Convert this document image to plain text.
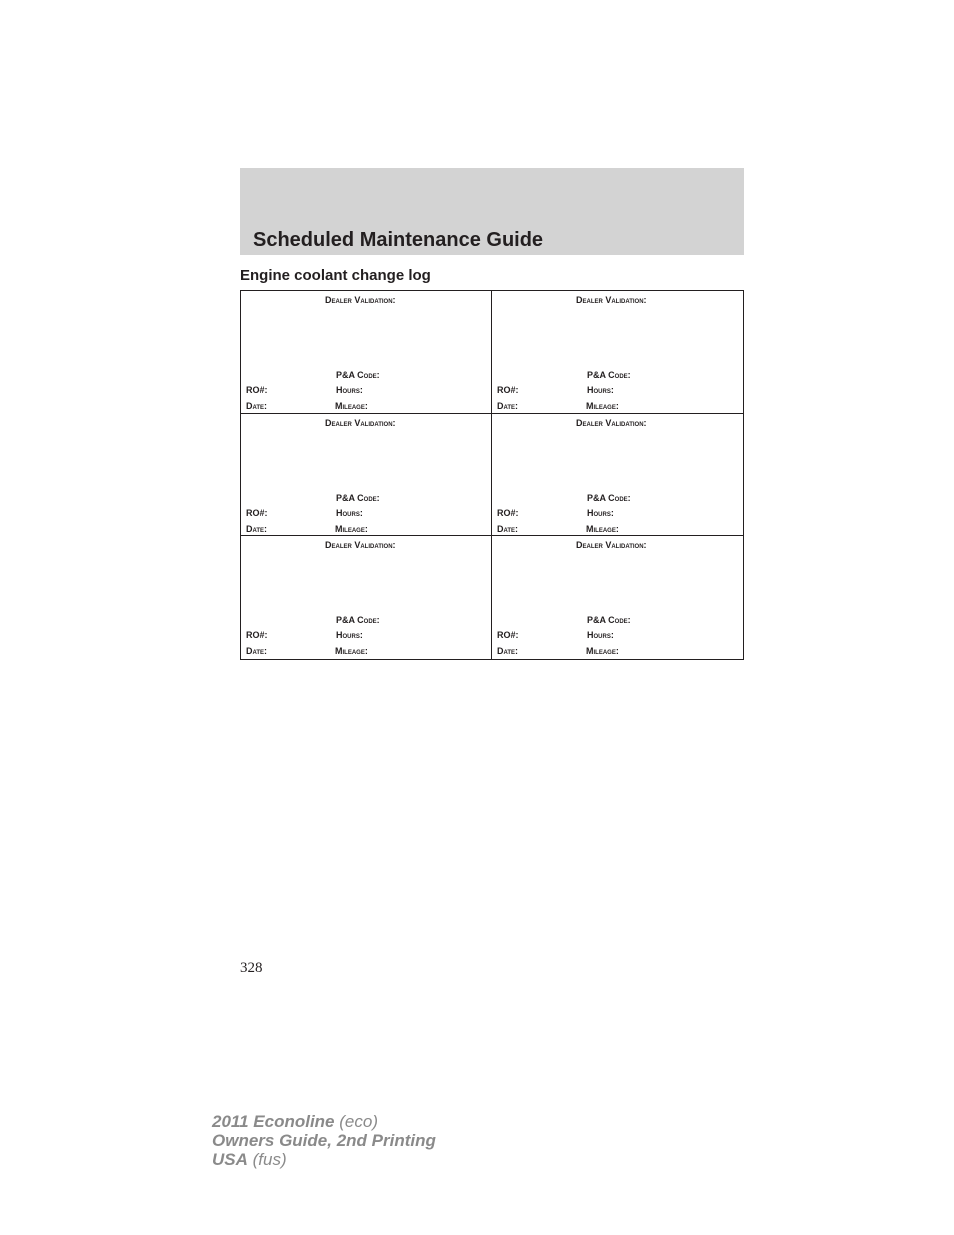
Scheduled Maintenance Guide
Engine coolant change log
Dealer Validation:
P&A Code:
RO#:	Hours:
Date:	Mileage:
Dealer Validation:
P&A Code:
RO#:	Hours:
Date:	Mileage:
Dealer Validation:
P&A Code:
RO#:	Hours:
Date:	Mileage:
Dealer Validation:
P&A Code:
RO#:	Hours:
Date:	Mileage:
Dealer Validation:
P&A Code:
RO#:	Hours:
Date:	Mileage:
Dealer Validation:
P&A Code:
RO#:	Hours:
Date:	Mileage:
328
2011 Econoline (eco)
Owners Guide, 2nd Printing
USA (fus)
